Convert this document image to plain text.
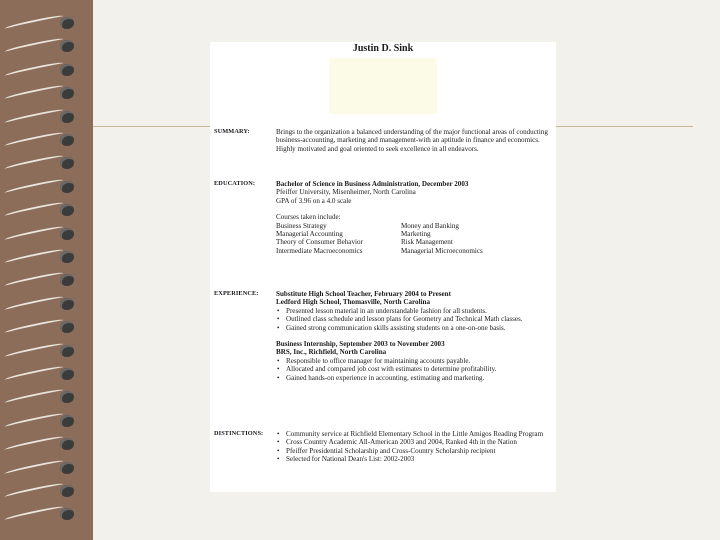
Justin D. Sink
SUMMARY:	Brings to the organization a balanced understanding of the major functional areas of conducting business-accounting, marketing and management-with an aptitude in finance and economics. Highly motivated and goal oriented to seek excellence in all endeavors.
EDUCATION:	Bachelor of Science in Business Administration, December 2003
Pfeiffer University, Misenheimer, North Carolina
GPA of 3.96 on a 4.0 scale
Courses taken include:
Business Strategy	Money and Banking
Managerial Accounting	Marketing
Theory of Consumer Behavior	Risk Management
Intermediate Macroeconomics	Managerial Microeconomics
EXPERIENCE:	Substitute High School Teacher, February 2004 to Present
Ledford High School, Thomasville, North Carolina
• Presented lesson material in an understandable fashion for all students.
• Outlined class schedule and lesson plans for Geometry and Technical Math classes.
• Gained strong communication skills assisting students on a one-on-one basis.
Business Internship, September 2003 to November 2003
BRS, Inc., Richfield, North Carolina
• Responsible to office manager for maintaining accounts payable.
• Allocated and compared job cost with estimates to determine profitability.
• Gained hands-on experience in accounting, estimating and marketing.
DISTINCTIONS:
•	Community service at Richfield Elementary School in the Little Amigos Reading Program
• Cross Country Academic All-American 2003 and 2004, Ranked 4th in the Nation
• Pfeiffer Presidential Scholarship and Cross-Country Scholarship recipient
• Selected for National Dean's List: 2002-2003
